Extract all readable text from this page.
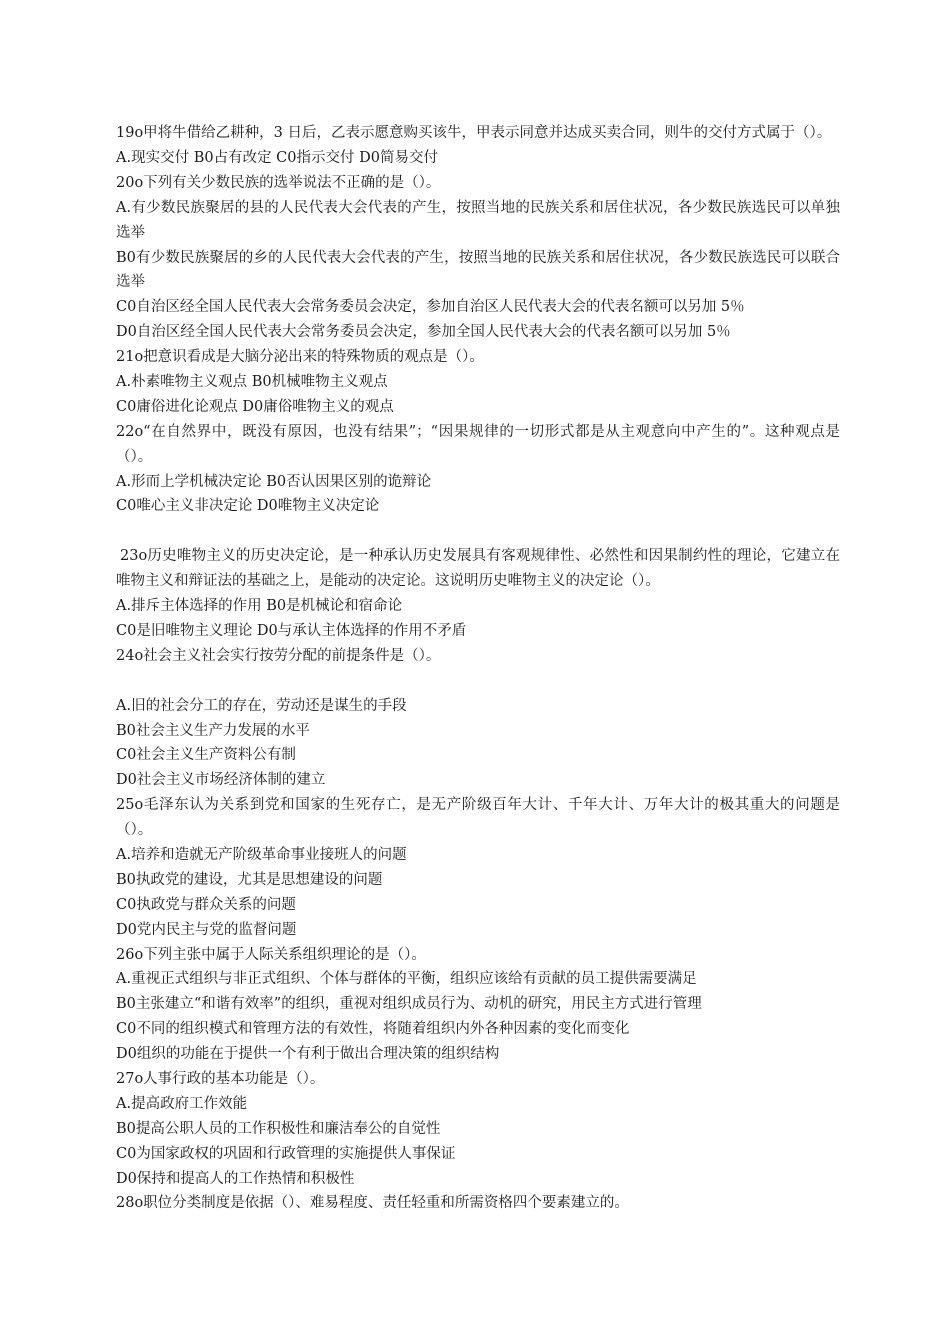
19o甲将牛借给乙耕种，3 日后，乙表示愿意购买该牛，甲表示同意并达成买卖合同，则牛的交付方式属于（）。
A.现实交付 B0占有改定 C0指示交付 D0简易交付
20o下列有关少数民族的选举说法不正确的是（）。
A.有少数民族聚居的县的人民代表大会代表的产生，按照当地的民族关系和居住状况，各少数民族选民可以单独选举
B0有少数民族聚居的乡的人民代表大会代表的产生，按照当地的民族关系和居住状况，各少数民族选民可以联合选举
C0自治区经全国人民代表大会常务委员会决定，参加自治区人民代表大会的代表名额可以另加 5％
D0自治区经全国人民代表大会常务委员会决定，参加全国人民代表大会的代表名额可以另加 5％
21o把意识看成是大脑分泌出来的特殊物质的观点是（）。
A.朴素唯物主义观点 B0机械唯物主义观点
C0庸俗进化论观点 D0庸俗唯物主义的观点
22o“在自然界中，既没有原因，也没有结果”；“因果规律的一切形式都是从主观意向中产生的”。这种观点是（）。
A.形而上学机械决定论 B0否认因果区别的诡辩论
C0唯心主义非决定论 D0唯物主义决定论
23o历史唯物主义的历史决定论，是一种承认历史发展具有客观规律性、必然性和因果制约性的理论，它建立在唯物主义和辩证法的基础之上，是能动的决定论。这说明历史唯物主义的决定论（）。
A.排斥主体选择的作用 B0是机械论和宿命论
C0是旧唯物主义理论 D0与承认主体选择的作用不矛盾
24o社会主义社会实行按劳分配的前提条件是（）。
A.旧的社会分工的存在，劳动还是谋生的手段
B0社会主义生产力发展的水平
C0社会主义生产资料公有制
D0社会主义市场经济体制的建立
25o毛泽东认为关系到党和国家的生死存亡，是无产阶级百年大计、千年大计、万年大计的极其重大的问题是（）。
A.培养和造就无产阶级革命事业接班人的问题
B0执政党的建设，尤其是思想建设的问题
C0执政党与群众关系的问题
D0党内民主与党的监督问题
26o下列主张中属于人际关系组织理论的是（）。
A.重视正式组织与非正式组织、个体与群体的平衡，组织应该给有贡献的员工提供需要满足
B0主张建立“和谐有效率”的组织，重视对组织成员行为、动机的研究，用民主方式进行管理
C0不同的组织模式和管理方法的有效性，将随着组织内外各种因素的变化而变化
D0组织的功能在于提供一个有利于做出合理决策的组织结构
27o人事行政的基本功能是（）。
A.提高政府工作效能
B0提高公职人员的工作积极性和廉洁奉公的自觉性
C0为国家政权的巩固和行政管理的实施提供人事保证
D0保持和提高人的工作热情和积极性
28o职位分类制度是依据（）、难易程度、责任轻重和所需资格四个要素建立的。
